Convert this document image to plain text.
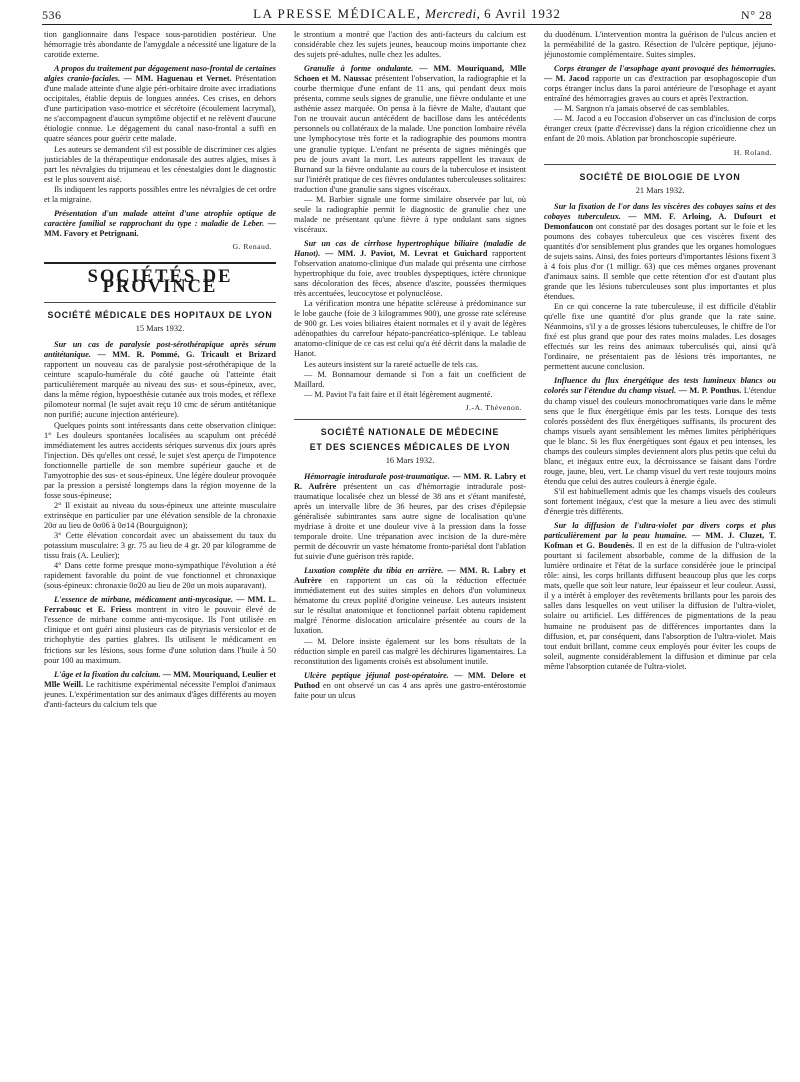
536	LA PRESSE MÉDICALE, Mercredi, 6 Avril 1932	N° 28

tion ganglionnaire dans l'espace sous-parotidien postérieur. Une hémorragie très abondante de l'amygdale a nécessité une ligature de la carotide externe.

A propos du traitement par dégagement naso-frontal de certaines algies cranio-faciales. — MM. Haguenau et Vernet. Présentation d'une malade atteinte d'une algie péri-orbitaire droite avec irradiations occipitales, établie depuis de longues années. Ces crises, en dehors d'une participation vaso-motrice et sécrétoire (écoulement lacrymal), ne s'accompagnent d'aucun symptôme objectif et ne relèvent d'aucune étiologie connue. Le dégagement du canal naso-frontal a suffi en quatre séances pour guérir cette malade.

Les auteurs se demandent s'il est possible de discriminer ces algies justiciables de la thérapeutique endonasale des autres algies, mises à part les névralgies du trijumeau et les cénestalgies dont le diagnostic est le plus souvent aisé.

Ils indiquent les rapports possibles entre les névralgies de cet ordre et la migraine.

Présentation d'un malade atteint d'une atrophie optique de caractère familial se rapprochant du type : maladie de Leber. — MM. Favory et Petrignani.

G. Renaud.
SOCIÉTÉS DE PROVINCE
SOCIÉTÉ MÉDICALE DES HOPITAUX DE LYON
15 Mars 1932.

Sur un cas de paralysie post-sérothérapique après sérum antitétanique. — MM. R. Pommé, G. Tricault et Brizard rapportent un nouveau cas de paralysie post-sérothérapique de la ceinture scapulo-humérale du côté gauche où l'atteinte était particulièrement marquée au niveau des sus- et sous-épineux, avec, dans la même région, hypoesthésie cutanée aux trois modes, et réflexe pilomoteur normal (le sujet avait reçu 10 cmc de sérum antitétanique non purifié; aucune injection antérieure).

Quelques points sont intéressants dans cette observation clinique: 1° Les douleurs spontanées localisées au scapulum ont précédé immédiatement les autres accidents sériques survenus dix jours après l'injection. Dès qu'elles ont cessé, le sujet s'est aperçu de l'impotence fonctionnelle partielle de son membre supérieur gauche et de l'amyotrophie des sus- et sous-épineux. Une légère douleur provoquée par la pression a persisté longtemps dans la région moyenne de la fosse sous-épineuse;

2° Il existait au niveau du sous-épineux une atteinte musculaire extrinsèque en particulier par une élévation sensible de la chronaxie 20σ au lieu de 0σ06 à 0σ14 (Bourguignon);

3° Cette élévation concordait avec un abaissement du taux du potassium musculaire: 3 gr. 75 au lieu de 4 gr. 20 par kilogramme de tissu frais (A. Leulier);

4° Dans cette forme presque mono-sympathique l'évolution a été rapidement favorable du point de vue fonctionnel et chronaxique (sous-épineux: chronaxie 0σ20 au lieu de 20σ un mois auparavant).

L'essence de mirbane, médicament anti-mycosique. — MM. L. Ferrabouc et E. Friess montrent in vitro le pouvoir élevé de l'essence de mirbane comme anti-mycosique. Ils l'ont utilisée en clinique et ont guéri ainsi plusieurs cas de pityriasis versicolor et de trichophytie des parties glabres. Ils utilisent le médicament en frictions sur les lésions, sous forme d'une solution dans l'huile à 50 pour 100 au maximum.

L'âge et la fixation du calcium. — MM. Mouriquand, Leulier et Mlle Weill. Le rachitisme expérimental nécessite l'emploi d'animaux jeunes. L'expérimentation sur des animaux d'âges différents au moyen d'anti-facteurs du calcium tels que

le strontium a montré que l'action des anti-facteurs du calcium est considérable chez les sujets jeunes, beaucoup moins importante chez des sujets pré-adultes, nulle chez les adultes.

Granulie à forme ondulante. — MM. Mouriquand, Mlle Schoen et M. Naussac présentent l'observation, la radiographie et la courbe thermique d'une enfant de 11 ans, qui pendant deux mois présenta, comme seuls signes de granulie, une fièvre ondulante et une asthénie assez marquée. On pensa à la fièvre de Malte, d'autant que l'on ne trouvait aucun antécédent de bacillose dans les antécédents personnels ou collatéraux de la malade. Une ponction lombaire révéla une lymphocytose très forte et la radiographie des poumons montra une granulie typique. L'enfant ne présenta de signes méningés que peu de jours avant la mort. Les auteurs rappellent les travaux de Burnand sur la fièvre ondulante au cours de la tuberculose et insistent sur l'intérêt pratique de ces fièvres ondulantes tuberculeuses solitaires: traduction d'une granulie sans signes viscéraux.

— M. Barbier signale une forme similaire observée par lui, où seule la radiographie permit le diagnostic de granulie chez une malade ne présentant qu'une fièvre à type ondulant sans signes viscéraux.

Sur un cas de cirrhose hypertrophique biliaire (maladie de Hanot). — MM. J. Paviot, M. Levrat et Guichard rapportent l'observation anatomo-clinique d'un malade qui présenta une cirrhose hypertrophique du foie, avec troubles dyspeptiques, ictère chronique sans décoloration des fèces, absence d'ascite, poussées thermiques très accentuées, leucocytose et polynucléose.

La vérification montra une hépatite scléreuse à prédominance sur le lobe gauche (foie de 3 kilogrammes 900), une grosse rate scléreuse de 900 gr. Les voies biliaires étaient normales et il y avait de légères adénopathies du carrefour hépato-pancréatico-splénique. Le tableau anatomo-clinique de ce cas est celui qu'a été décrit dans la maladie de Hanot.

Les auteurs insistent sur la rareté actuelle de tels cas.

— M. Bonnamour demande si l'on a fait un coefficient de Maillard.

— M. Paviot l'a fait faire et il était légèrement augmenté.

J.-A. Thévenon.
SOCIÉTÉ NATIONALE DE MÉDECINE
ET DES SCIENCES MÉDICALES DE LYON
16 Mars 1932.

Hémorragie intradurale post-traumatique. — MM. R. Labry et R. Aufrère présentent un cas d'hémorragie intradurale post-traumatique localisée chez un blessé de 38 ans et s'étant manifesté, après un intervalle libre de 36 heures, par des crises d'épilepsie généralisée subintrantes sans autre signe de localisation qu'une mydriase à droite et une douleur vive à la pression dans la fosse temporale droite. Une trépanation avec incision de la dure-mère permit de découvrir un vaste hématome fronto-pariétal dont l'ablation fut suivie d'une guérison très rapide.

Luxation complète du tibia en arrière. — MM. R. Labry et Aufrère en rapportent un cas où la réduction effectuée immédiatement eut des suites simples en dehors d'un volumineux hématome du creux poplité d'origine veineuse. Les auteurs insistent sur le résultat anatomique et fonctionnel parfait obtenu rapidement malgré l'énorme dislocation articulaire présentée au cours de la luxation.

— M. Delore insiste également sur les bons résultats de la réduction simple en pareil cas malgré les déchirures ligamentaires. La reconstitution des ligaments croisés est absolument inutile.

Ulcère peptique jéjunal post-opératoire. — MM. Delore et Puthod en ont observé un cas 4 ans après une gastro-entérostomie faite pour un ulcus

du duodénum. L'intervention montra la guérison de l'ulcus ancien et la perméabilité de la gastro. Résection de l'ulcère peptique, jéjuno-jéjunostomie complémentaire. Suites simples.

Corps étranger de l'œsophage ayant provoqué des hémorragies. — M. Jacod rapporte un cas d'extraction par œsophagoscopie d'un corps étranger inclus dans la paroi antérieure de l'œsophage et ayant entraîné des hémorragies graves au cours et après l'extraction.

— M. Sargnon n'a jamais observé de cas semblables.

— M. Jacod a eu l'occasion d'observer un cas d'inclusion de corps étranger creux (patte d'écrevisse) dans la région cricoïdienne chez un enfant de 20 mois. Ablation par bronchoscopie supérieure.

H. Roland.
SOCIÉTÉ DE BIOLOGIE DE LYON
21 Mars 1932.

Sur la fixation de l'or dans les viscères des cobayes sains et des cobayes tuberculeux. — MM. F. Arloing, A. Dufourt et Demonfaucon ont constaté par des dosages portant sur le foie et les poumons des cobayes tuberculeux que ces viscères fixent des quantités d'or sensiblement plus grandes que les organes homologues de sujets sains. Ainsi, des foies porteurs d'importantes lésions fixent 3 à 4 fois plus d'or (1 milligr. 63) que ces mêmes organes provenant d'animaux sains. Il semble que cette rétention d'or est d'autant plus grande que les lésions tuberculeuses sont plus importantes et plus étendues.

En ce qui concerne la rate tuberculeuse, il est difficile d'établir qu'elle fixe une quantité d'or plus grande que la rate saine. Néanmoins, s'il y a de grosses lésions tuberculeuses, le chiffre de l'or fixé est plus grand que pour des rates moins malades. Les dosages effectués sur les reins des animaux tuberculisés qui, ainsi qu'à l'ordinaire, ne présentaient pas de lésions très importantes, ne permettent aucune conclusion.

Influence du flux énergétique des tests lumineux blancs ou colorés sur l'étendue du champ visuel. — M. P. Ponthus. L'étendue du champ visuel des couleurs monochromatiques varie dans le même sens que le flux énergétique émis par les tests. Lorsque des tests colorés possèdent des flux énergétiques suffisants, ils procurent des champs visuels ayant sensiblement les mêmes limites périphériques que le blanc. Si les flux énergétiques sont égaux et peu intenses, les champs des couleurs simples deviennent alors plus petits que celui du blanc, et inégaux entre eux, la décroissance se faisant dans l'ordre rouge, jaune, bleu, vert. Le champ visuel du vert reste toujours moins étendu que celui des autres couleurs à énergie égale.

S'il est habituellement admis que les champs visuels des couleurs sont fortement inégaux, c'est que la mesure a lieu avec des stimuli d'énergie très différents.

Sur la diffusion de l'ultra-violet par divers corps et plus particulièrement par la peau humaine. — MM. J. Cluzet, T. Kofman et G. Boudenès. Il en est de la diffusion de l'ultra-violet pourtant si facilement absorbable, comme de la diffusion de la lumière ordinaire et l'état de la surface considérée joue le principal rôle: ainsi, les corps brillants diffusent beaucoup plus que les corps mats, quelle que soit leur nature, leur épaisseur et leur couleur. Aussi, il y a intérêt à employer des revêtements brillants pour les parois des salles dans lesquelles on veut utiliser la diffusion de l'ultra-violet, solaire ou artificiel. Les différences de pigmentations de la peau humaine ne produisent pas de différences importantes dans la diffusion, et, par conséquent, dans l'absorption de l'ultra-violet. Mais tout enduit brillant, comme ceux employés pour éviter les coups de soleil, augmente considérablement la diffusion et diminue par cela même l'absorption cutanée de l'ultra-violet.
